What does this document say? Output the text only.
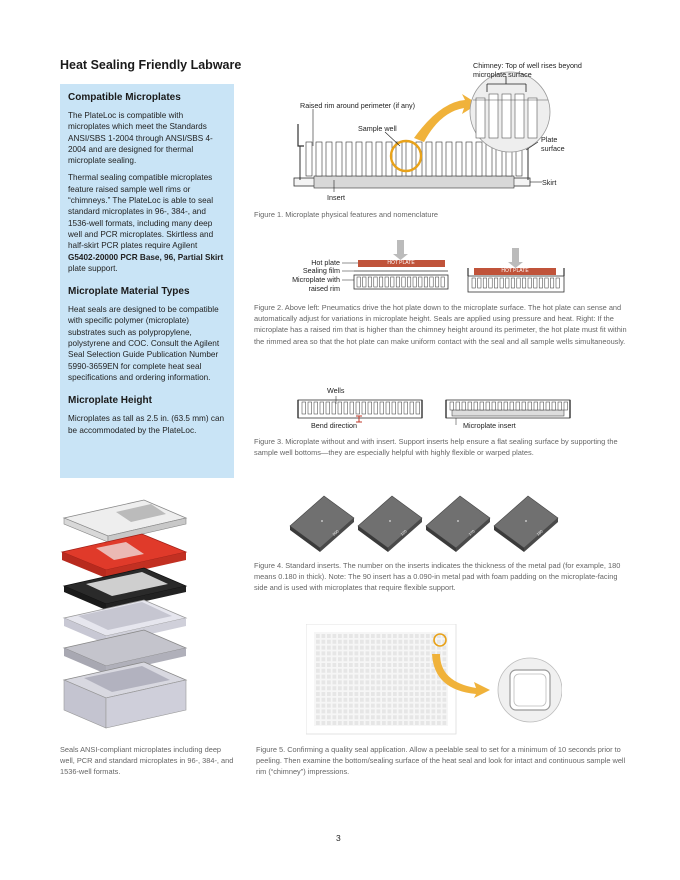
Heat Sealing Friendly Labware
Compatible Microplates

The PlateLoc is compatible with microplates which meet the Standards ANSI/SBS 1-2004 through ANSI/SBS 4-2004 and are designed for thermal microplate sealing.

Thermal sealing compatible microplates feature raised sample well rims or “chimneys.” The PlateLoc is able to seal standard microplates in 96-, 384-, and 1536-well formats, including many deep well and PCR microplates. Skirtless and half-skirt PCR plates require Agilent G5402-20000 PCR Base, 96, Partial Skirt plate support.

Microplate Material Types

Heat seals are designed to be compatible with specific polymer (microplate) substrates such as polypropylene, polystyrene and COC. Consult the Agilent Seal Selection Guide Publication Number 5990-3659EN for complete heat seal specifications and ordering information.

Microplate Height

Microplates as tall as 2.5 in. (63.5 mm) can be accommodated by the PlateLoc.

Chimney: Top of well rises beyond microplate surface
Raised rim around perimeter (if any)
Sample well
Plate surface
Skirt
Insert
Figure 1. Microplate physical features and nomenclature
HOT PLATE
HOT PLATE
Hot plate
Sealing film
Microplate with raised rim
Figure 2. Above left: Pneumatics drive the hot plate down to the microplate surface. The hot plate can sense and automatically adjust for variations in microplate height. Seals are applied using pressure and heat. Right: If the microplate has a raised rim that is higher than the chimney height around its perimeter, the hot plate must fit within the rimmed area so that the hot plate can make uniform contact with the seal and all sample wells simultaneously.
Wells
Bend direction	Microplate insert
Figure 3. Microplate without and with insert. Support inserts help ensure a flat sealing surface by supporting the sample well bottoms—they are especially helpful with highly flexible or warped plates.
Seals ANSI-compliant microplates including deep well, PCR and standard microplates in 96-, 384-, and 1536-well formats.
090	120	170	180
Figure 4. Standard inserts. The number on the inserts indicates the thickness of the metal pad (for example, 180 means 0.180 in thick). Note: The 90 insert has a 0.090-in metal pad with foam padding on the microplate-facing side and is used with microplates that require flexible support.
Figure 5. Confirming a quality seal application. Allow a peelable seal to set for a minimum of 10 seconds prior to peeling. Then examine the bottom/sealing surface of the heat seal and look for intact and continuous sample well rim (“chimney”) impressions.
3
